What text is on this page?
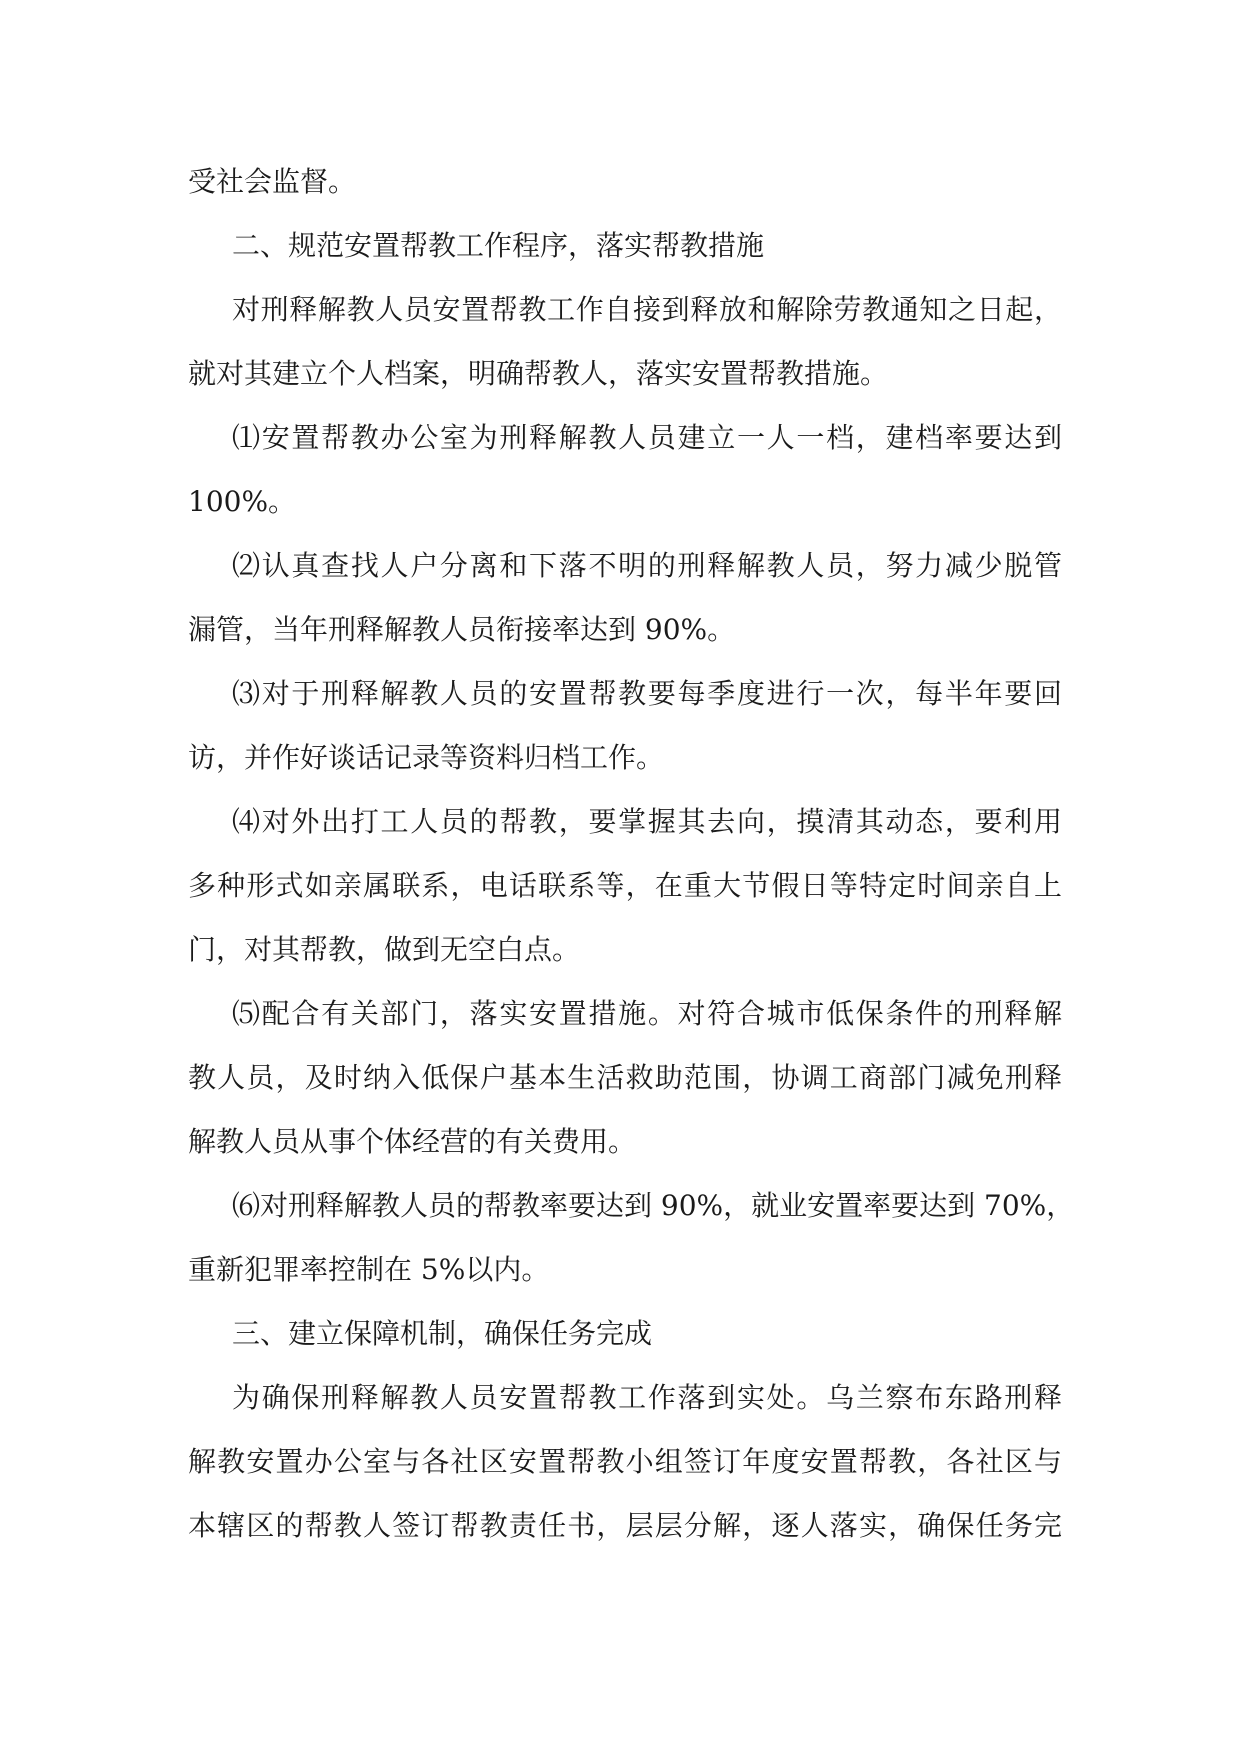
受社会监督。
二、规范安置帮教工作程序，落实帮教措施
对刑释解教人员安置帮教工作自接到释放和解除劳教通知之日起，
就对其建立个人档案，明确帮教人，落实安置帮教措施。
⑴安置帮教办公室为刑释解教人员建立一人一档，建档率要达到
100%。
⑵认真查找人户分离和下落不明的刑释解教人员，努力减少脱管
漏管，当年刑释解教人员衔接率达到 90%。
⑶对于刑释解教人员的安置帮教要每季度进行一次，每半年要回
访，并作好谈话记录等资料归档工作。
⑷对外出打工人员的帮教，要掌握其去向，摸清其动态，要利用
多种形式如亲属联系，电话联系等，在重大节假日等特定时间亲自上
门，对其帮教，做到无空白点。
⑸配合有关部门，落实安置措施。对符合城市低保条件的刑释解
教人员，及时纳入低保户基本生活救助范围，协调工商部门减免刑释
解教人员从事个体经营的有关费用。
⑹对刑释解教人员的帮教率要达到 90%，就业安置率要达到 70%，
重新犯罪率控制在 5%以内。
三、建立保障机制，确保任务完成
为确保刑释解教人员安置帮教工作落到实处。乌兰察布东路刑释
解教安置办公室与各社区安置帮教小组签订年度安置帮教，各社区与
本辖区的帮教人签订帮教责任书，层层分解，逐人落实，确保任务完
